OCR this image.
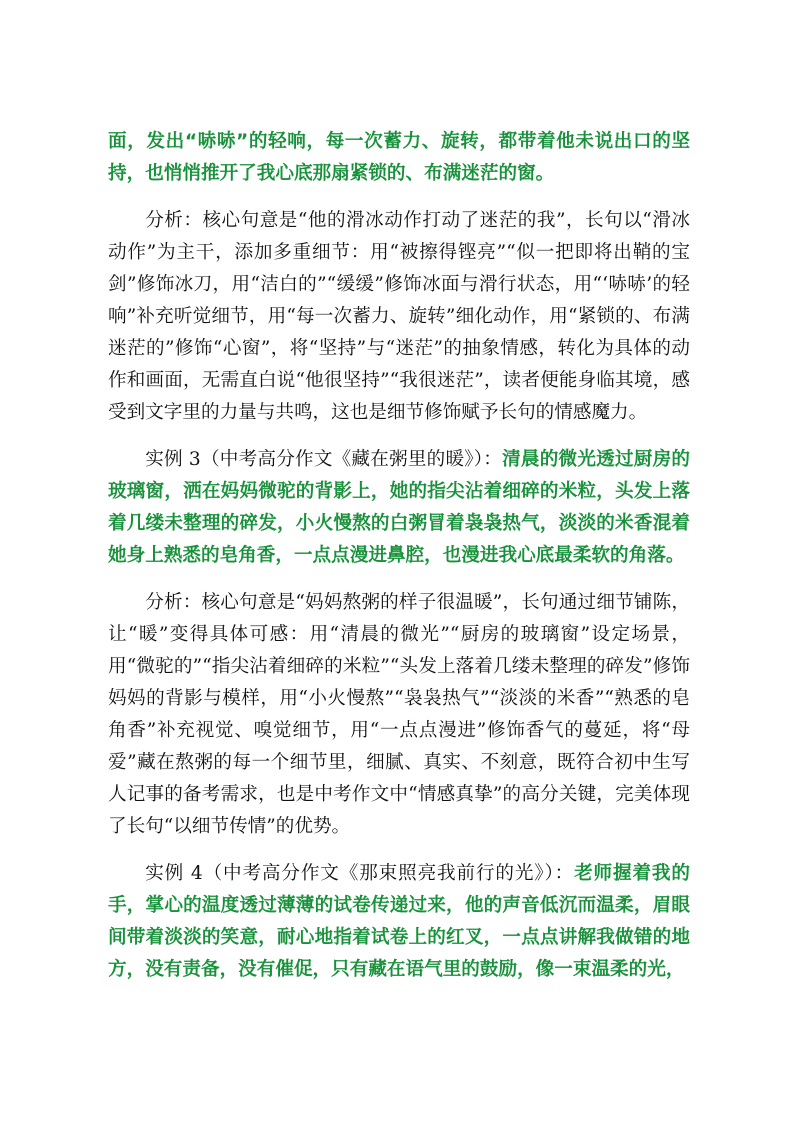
面，发出“哧哧”的轻响，每一次蓄力、旋转，都带着他未说出口的坚持，也悄悄推开了我心底那扇紧锁的、布满迷茫的窗。

分析：核心句意是“他的滑冰动作打动了迷茫的我”，长句以“滑冰动作”为主干，添加多重细节：用“被擦得铿亮”“似一把即将出鞘的宝剑”修饰冰刀，用“洁白的”“缓缓”修饰冰面与滑行状态，用“‘哧哧’的轻响”补充听觉细节，用“每一次蓄力、旋转”细化动作，用“紧锁的、布满迷茫的”修饰“心窗”，将“坚持”与“迷茫”的抽象情感，转化为具体的动作和画面，无需直白说“他很坚持”“我很迷茫”，读者便能身临其境，感受到文字里的力量与共鸣，这也是细节修饰赋予长句的情感魔力。

实例 3（中考高分作文《藏在粥里的暖》）：清晨的微光透过厨房的玻璃窗，洒在妈妈微驼的背影上，她的指尖沾着细碎的米粒，头发上落着几缕未整理的碎发，小火慢熬的白粥冒着袅袅热气，淡淡的米香混着她身上熟悉的皂角香，一点点漫进鼻腔，也漫进我心底最柔软的角落。

分析：核心句意是“妈妈熬粥的样子很温暖”，长句通过细节铺陈，让“暖”变得具体可感：用“清晨的微光”“厨房的玻璃窗”设定场景，用“微驼的”“指尖沾着细碎的米粒”“头发上落着几缕未整理的碎发”修饰妈妈的背影与模样，用“小火慢熬”“袅袅热气”“淡淡的米香”“熟悉的皂角香”补充视觉、嗅觉细节，用“一点点漫进”修饰香气的蔓延，将“母爱”藏在熬粥的每一个细节里，细腻、真实、不刻意，既符合初中生写人记事的备考需求，也是中考作文中“情感真挚”的高分关键，完美体现了长句“以细节传情”的优势。

实例 4（中考高分作文《那束照亮我前行的光》）：老师握着我的手，掌心的温度透过薄薄的试卷传递过来，他的声音低沉而温柔，眉眼间带着淡淡的笑意，耐心地指着试卷上的红叉，一点点讲解我做错的地方，没有责备，没有催促，只有藏在语气里的鼓励，像一束温柔的光，
